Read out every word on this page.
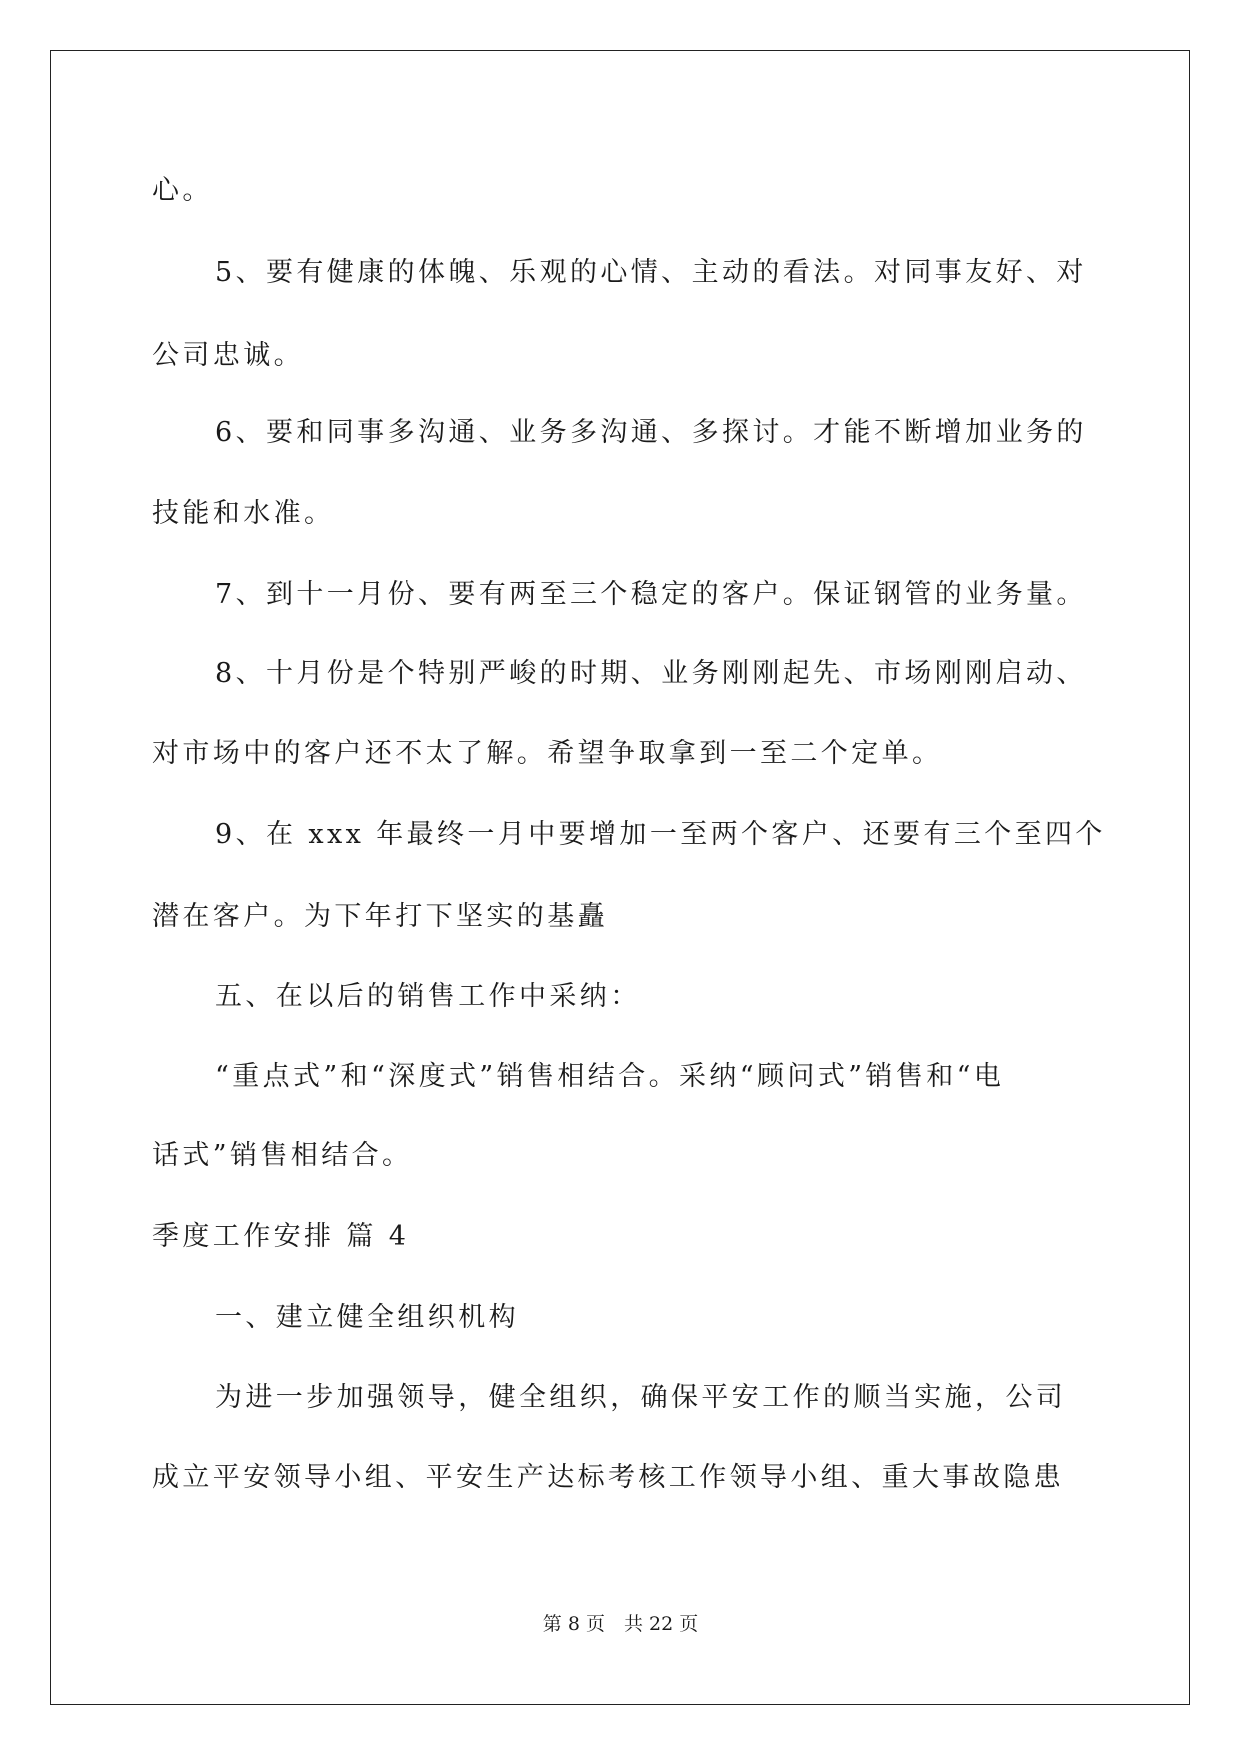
心。
5、要有健康的体魄、乐观的心情、主动的看法。对同事友好、对
公司忠诚。
6、要和同事多沟通、业务多沟通、多探讨。才能不断增加业务的
技能和水准。
7、到十一月份、要有两至三个稳定的客户。保证钢管的业务量。
8、十月份是个特别严峻的时期、业务刚刚起先、市场刚刚启动、
对市场中的客户还不太了解。希望争取拿到一至二个定单。
9、在 xxx 年最终一月中要增加一至两个客户、还要有三个至四个
潜在客户。为下年打下坚实的基矗
五、在以后的销售工作中采纳：
“重点式”和“深度式”销售相结合。采纳“顾问式”销售和“电
话式”销售相结合。
季度工作安排 篇 4
一、建立健全组织机构
为进一步加强领导，健全组织，确保平安工作的顺当实施，公司
成立平安领导小组、平安生产达标考核工作领导小组、重大事故隐患
第 8 页　共 22 页
